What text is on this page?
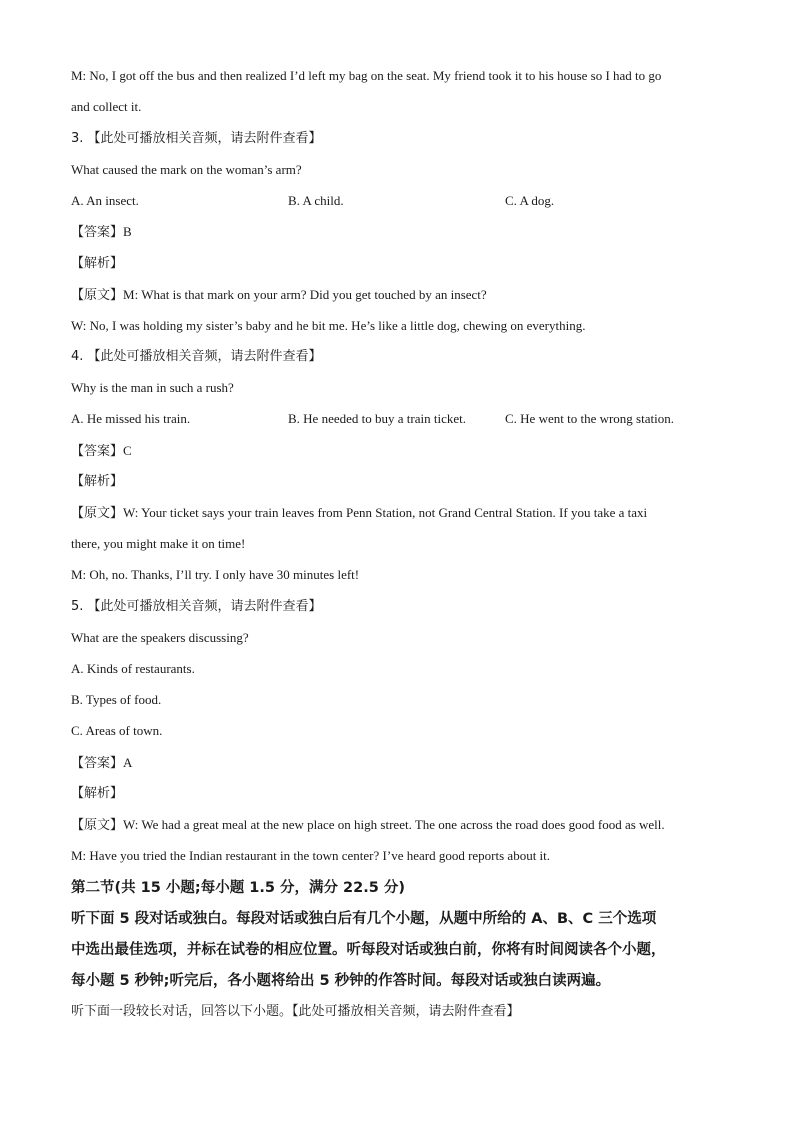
M: No, I got off the bus and then realized I’d left my bag on the seat. My friend took it to his house so I had to go
and collect it.
3. 【此处可播放相关音频，请去附件查看】
What caused the mark on the woman’s arm?
A. An insect.	B. A child.	C. A dog.
【答案】B
【解析】
【原文】M: What is that mark on your arm? Did you get touched by an insect?
W: No, I was holding my sister’s baby and he bit me. He’s like a little dog, chewing on everything.
4. 【此处可播放相关音频，请去附件查看】
Why is the man in such a rush?
A. He missed his train.	B. He needed to buy a train ticket.	C. He went to the wrong station.
【答案】C
【解析】
【原文】W: Your ticket says your train leaves from Penn Station, not Grand Central Station. If you take a taxi
there, you might make it on time!
M: Oh, no. Thanks, I’ll try. I only have 30 minutes left!
5. 【此处可播放相关音频，请去附件查看】
What are the speakers discussing?
A. Kinds of restaurants.
B. Types of food.
C. Areas of town.
【答案】A
【解析】
【原文】W: We had a great meal at the new place on high street. The one across the road does good food as well.
M: Have you tried the Indian restaurant in the town center? I’ve heard good reports about it.
第二节(共 15 小题;每小题 1.5 分，满分 22.5 分)
听下面 5 段对话或独白。每段对话或独白后有几个小题，从题中所给的 A、B、C 三个选项
中选出最佳选项，并标在试卷的相应位置。听每段对话或独白前，你将有时间阅读各个小题，
每小题 5 秒钟;听完后，各小题将给出 5 秒钟的作答时间。每段对话或独白读两遍。
听下面一段较长对话，回答以下小题。【此处可播放相关音频，请去附件查看】
